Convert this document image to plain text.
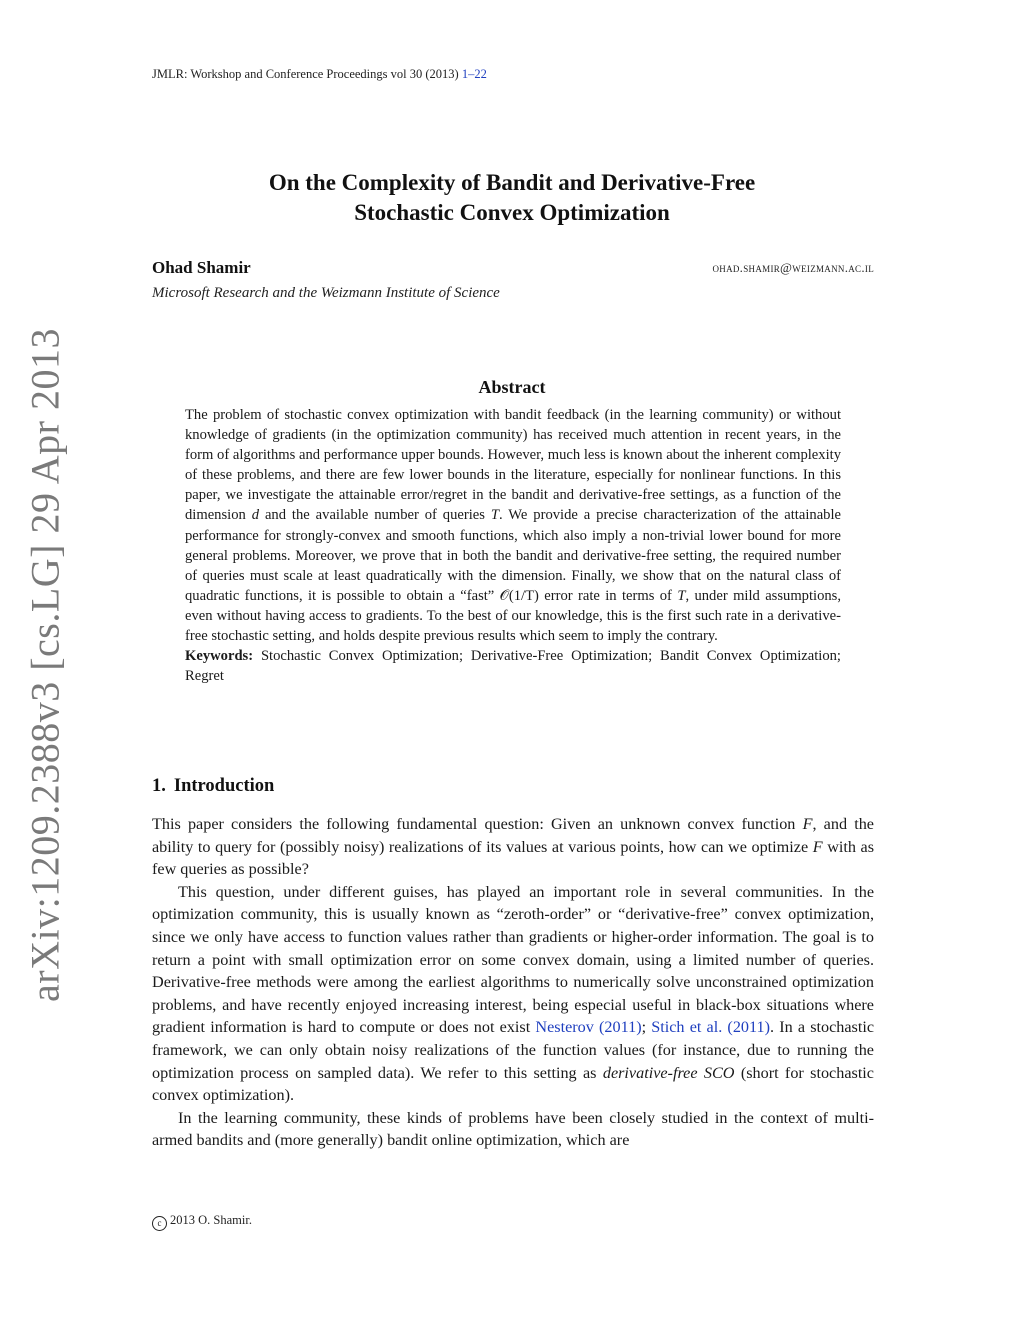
JMLR: Workshop and Conference Proceedings vol 30 (2013) 1–22
arXiv:1209.2388v3 [cs.LG] 29 Apr 2013
On the Complexity of Bandit and Derivative-Free
Stochastic Convex Optimization
Ohad Shamir	ohad.shamir@weizmann.ac.il
Microsoft Research and the Weizmann Institute of Science
Abstract

The problem of stochastic convex optimization with bandit feedback (in the learning community) or without knowledge of gradients (in the optimization community) has received much attention in recent years, in the form of algorithms and performance upper bounds. However, much less is known about the inherent complexity of these problems, and there are few lower bounds in the literature, especially for nonlinear functions. In this paper, we investigate the attainable error/regret in the bandit and derivative-free settings, as a function of the dimension d and the available number of queries T. We provide a precise characterization of the attainable performance for strongly-convex and smooth functions, which also imply a non-trivial lower bound for more general problems. Moreover, we prove that in both the bandit and derivative-free setting, the required number of queries must scale at least quadratically with the dimension. Finally, we show that on the natural class of quadratic functions, it is possible to obtain a “fast” 𝒪(1/T) error rate in terms of T, under mild assumptions, even without having access to gradients. To the best of our knowledge, this is the first such rate in a derivative-free stochastic setting, and holds despite previous results which seem to imply the contrary.

Keywords: Stochastic Convex Optimization; Derivative-Free Optimization; Bandit Convex Optimization; Regret

1. Introduction

This paper considers the following fundamental question: Given an unknown convex function F, and the ability to query for (possibly noisy) realizations of its values at various points, how can we optimize F with as few queries as possible?

This question, under different guises, has played an important role in several communities. In the optimization community, this is usually known as “zeroth-order” or “derivative-free” convex optimization, since we only have access to function values rather than gradients or higher-order information. The goal is to return a point with small optimization error on some convex domain, using a limited number of queries. Derivative-free methods were among the earliest algorithms to numerically solve unconstrained optimization problems, and have recently enjoyed increasing interest, being especial useful in black-box situations where gradient information is hard to compute or does not exist Nesterov (2011); Stich et al. (2011). In a stochastic framework, we can only obtain noisy realizations of the function values (for instance, due to running the optimization process on sampled data). We refer to this setting as derivative-free SCO (short for stochastic convex optimization).

In the learning community, these kinds of problems have been closely studied in the context of multi-armed bandits and (more generally) bandit online optimization, which are

c 2013 O. Shamir.
